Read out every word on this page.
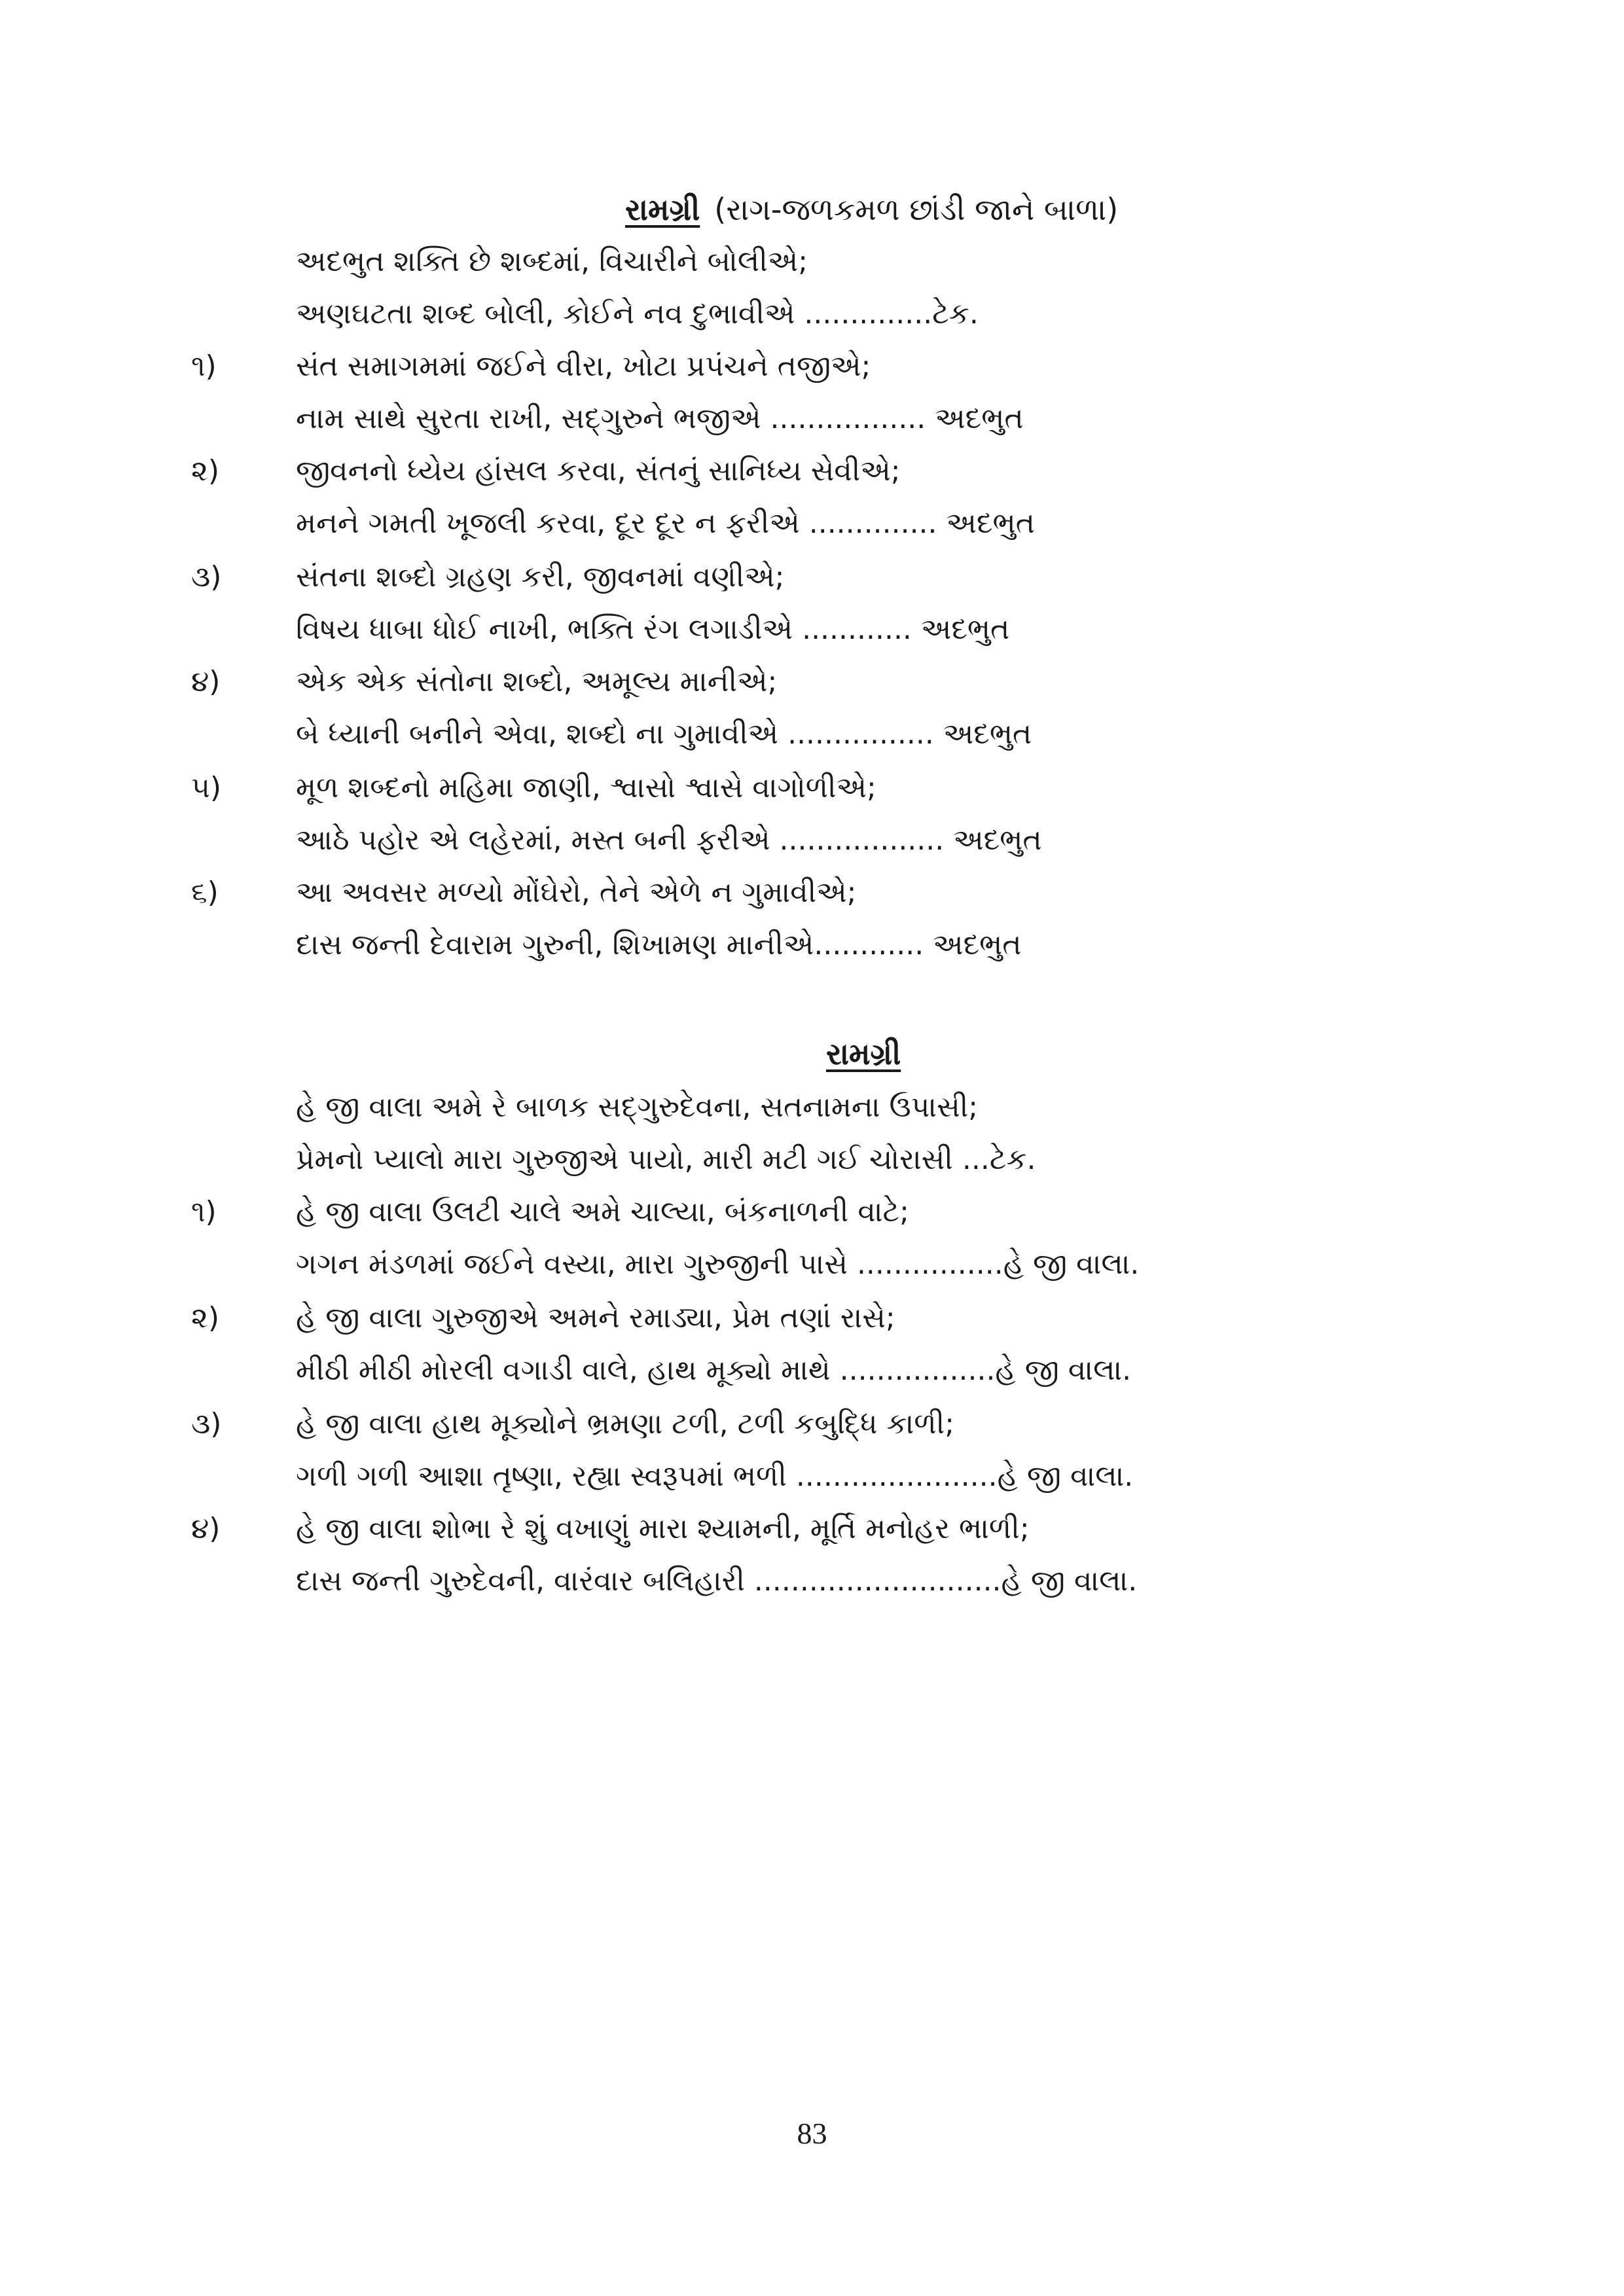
રામગ્રી (રાગ-જળકમળ છાંડી જાને બાળા)
અદભુત શક્તિ છે શબ્દમાં, વિચારીને બોલીએ;
અણઘટતા શબ્દ બોલી, કોઈને નવ દુભાવીએ ..............ટેક.
૧)	સંત સમાગમમાં જઈને વીરા, ખોટા પ્રપંચને તજીએ;
નામ સાથે સુરતા રાખી, સદ્‌ગુરુને ભજીએ ................. અદભુત
૨)	જીવનનો ધ્યેય હાંસલ કરવા, સંતનું સાનિધ્ય સેવીએ;
મનને ગમતી ખૂજલી કરવા, દૂર દૂર ન ફરીએ .............. અદભુત
૩)	સંતના શબ્દો ગ્રહણ કરી, જીવનમાં વણીએ;
વિષય ધાબા ધોઈ નાખી, ભક્તિ રંગ લગાડીએ ............ અદભુત
૪)	એક એક સંતોના શબ્દો, અમૂલ્ય માનીએ;
બે ધ્યાની બનીને એવા, શબ્દો ના ગુમાવીએ ................ અદભુત
૫)	મૂળ શબ્દનો મહિમા જાણી, શ્વાસો શ્વાસે વાગોળીએ;
આઠે પહોર એ લહેરમાં, મસ્ત બની ફરીએ .................. અદભુત
૬)	આ અવસર મળ્યો મોંઘેરો, તેને એળે ન ગુમાવીએ;
દાસ જન્તી દેવારામ ગુરુની, શિખામણ માનીએ............ અદભુત
રામગ્રી
હે જી વાલા અમે રે બાળક સદ્‌ગુરુદેવના, સતનામના ઉપાસી;
પ્રેમનો પ્યાલો મારા ગુરુજીએ પાયો, મારી મટી ગઈ ચોરાસી ...ટેક.
૧)	હે જી વાલા ઉલટી ચાલે અમે ચાલ્યા, બંકનાળની વાટે;
ગગન મંડળમાં જઈને વસ્યા, મારા ગુરુજીની પાસે ................હે જી વાલા.
૨)	હે જી વાલા ગુરુજીએ અમને રમાડ્યા, પ્રેમ તણાં રાસે;
મીઠી મીઠી મોરલી વગાડી વાલે, હાથ મૂક્યો માથે .................હે જી વાલા.
૩)	હે જી વાલા હાથ મૂક્યોને ભ્રમણા ટળી, ટળી કબુદ્ધિ કાળી;
ગળી ગળી આશા તૃષ્ણા, રહ્યા સ્વરૂપમાં ભળી ......................હે જી વાલા.
૪)	હે જી વાલા શોભા રે શું વખાણું મારા શ્યામની, મૂર્તિ મનોહર ભાળી;
દાસ જન્તી ગુરુદેવની, વારંવાર બલિહારી ...........................હે જી વાલા.
83
